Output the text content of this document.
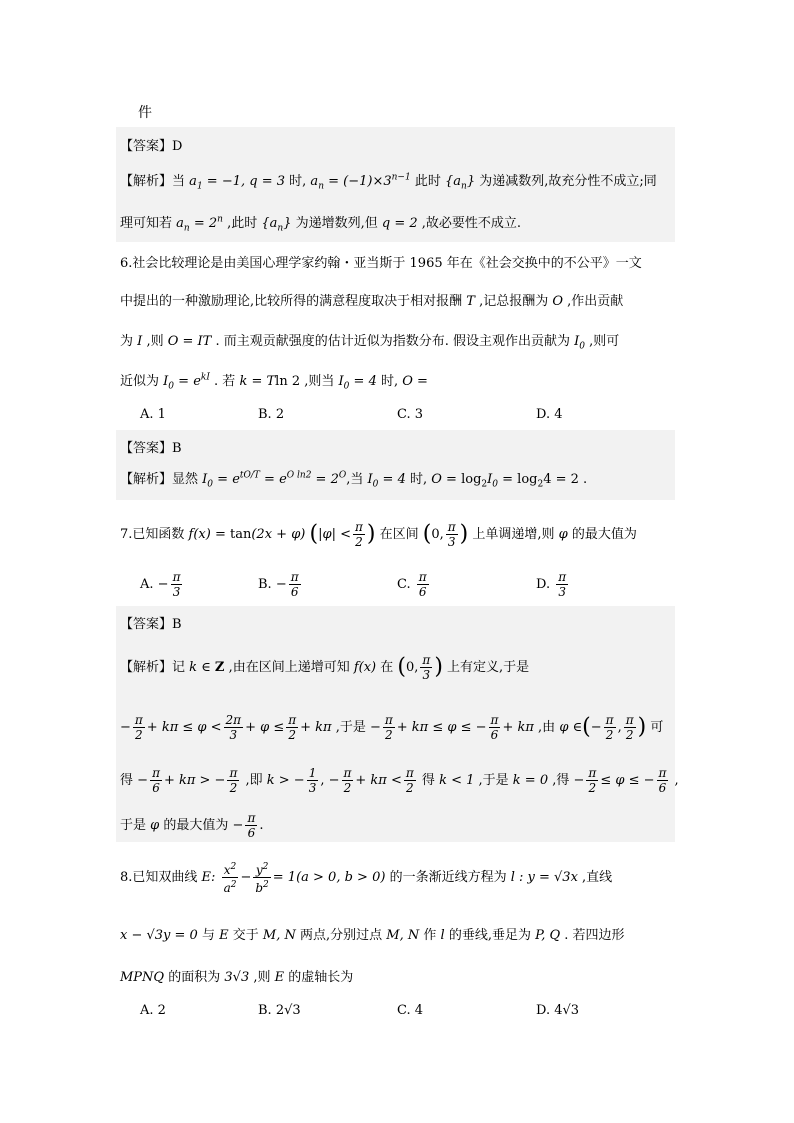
件
【答案】D
【解析】当 $a_1 = -1$, q = 3 时, $a_n = (-1)\times 3^{n-1}$ 此时 $\{a_n\}$ 为递减数列,故充分性不成立;同
理可知若 $a_n = 2^n$ ,此时 $\{a_n\}$ 为递增数列,但 q = 2 ,故必要性不成立.
6.社会比较理论是由美国心理学家约翰・亚当斯于 1965 年在《社会交换中的不公平》一文
中提出的一种激励理论,比较所得的满意程度取决于相对报酬 T ,记总报酬为 O ,作出贡献
为 I ,则 O = IT . 而主观贡献强度的估计近似为指数分布. 假设主观作出贡献为 $I_0$ ,则可
近似为 $I_0 = e^{kI}$ . 若 k = Tln 2 ,则当 $I_0 = 4$ 时, O =
A. 1	B. 2	C. 3	D. 4
【答案】B
【解析】显然 $I_0 = e^{tO/T} = e^{O ln2} = 2^O$,当 $I_0 = 4$ 时, $O = \log_2I_0 = \log_24 = 2$ .
7.已知函数 f(x) = tan(2x + φ) ($|\varphi| < \frac{\pi}{2}$ ) 在区间 (0, $\frac{\pi}{3}$ ) 上单调递增,则 φ 的最大值为
A. − $\frac{\pi}{3}$	B. − $\frac{\pi}{6}$	C. $\frac{\pi}{6}$	D. $\frac{\pi}{3}$
【答案】B
【解析】记 k ∈ Z ,由在区间上递增可知 f(x) 在 (0, $\frac{\pi}{3}$ ) 上有定义,于是
− $\frac{\pi}{2} + k\pi \le \varphi < \frac{2\pi}{3} + \varphi \le \frac{\pi}{2} + k\pi$ ,于是 − $\frac{\pi}{2} + k\pi \le \varphi$ ≤ − $\frac{\pi}{6} + k\pi$ ,由 φ ∈(− $\frac{\pi}{2}$ , $\frac{\pi}{2}$ ) 可
得 − $\frac{\pi}{6} + k\pi$ > − $\frac{\pi}{2}$ ,即 k > − $\frac{1}{3}$ , − $\frac{\pi}{2} + k\pi < \frac{\pi}{2}$ 得 k < 1 ,于是 k = 0 ,得 − $\frac{\pi}{2} \le \varphi$ ≤ − $\frac{\pi}{6}$ ,
于是 φ 的最大值为 − $\frac{\pi}{6}$ .
8.已知双曲线 E: $\frac{x^2}{a^2} - \frac{y^2}{b^2} = 1(a > 0$, b > 0) 的一条渐近线方程为 l : y = √3x ,直线
x − √3y = 0 与 E 交于 M, N 两点,分别过点 M, N 作 l 的垂线,垂足为 P, Q . 若四边形
MPNQ 的面积为 3√3 ,则 E 的虚轴长为
A. 2	B. 2√3	C. 4	D. 4√3
